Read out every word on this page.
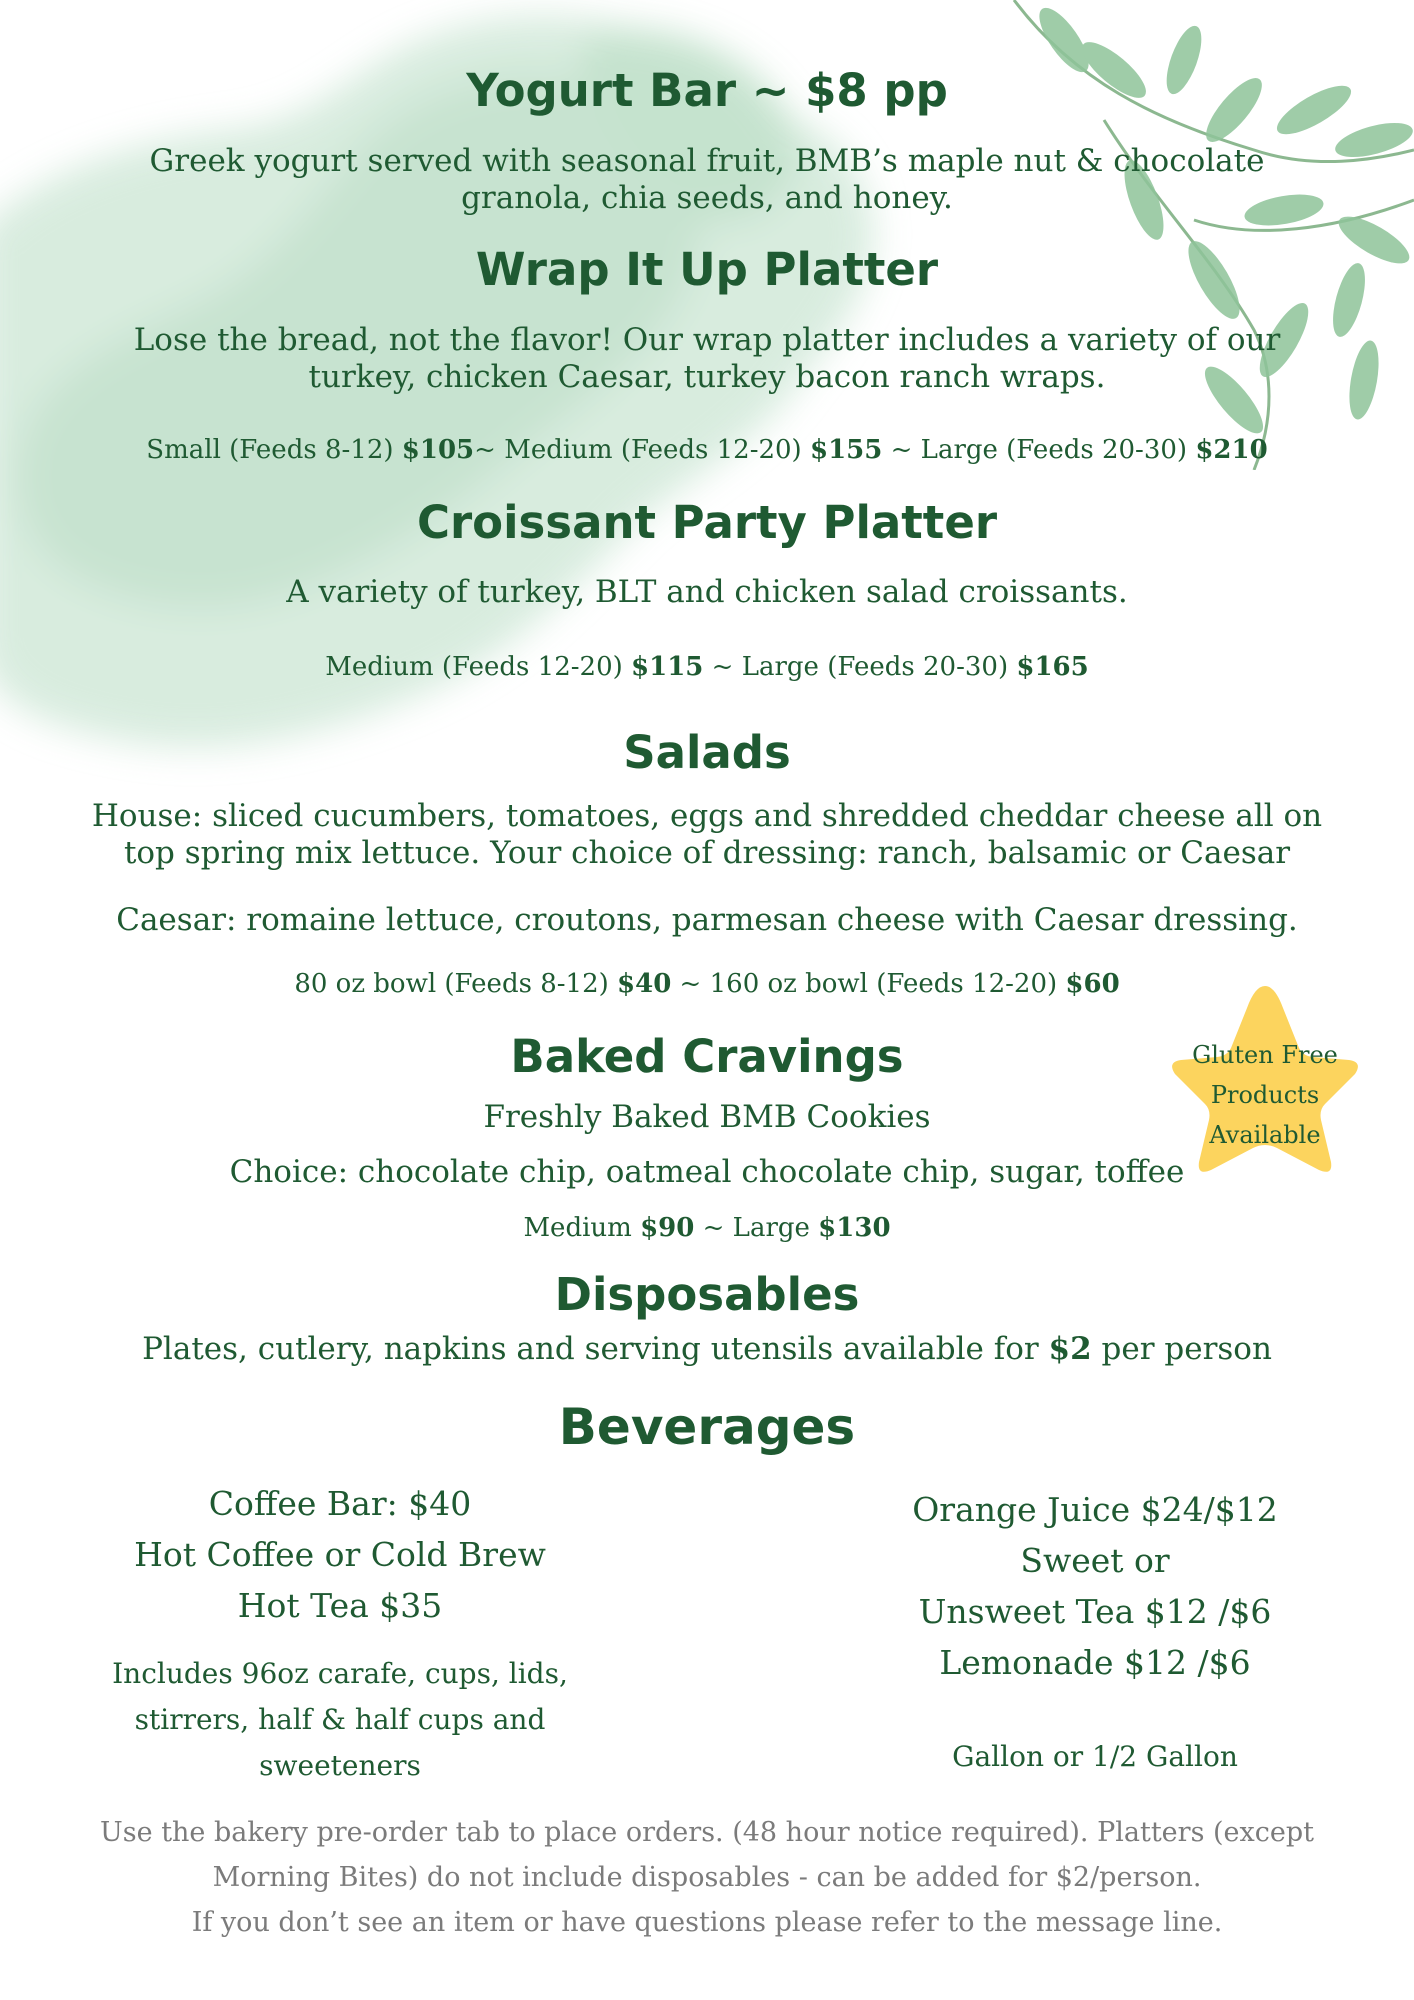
Yogurt Bar ~ $8 pp

Greek yogurt served with seasonal fruit, BMB’s maple nut & chocolate

granola, chia seeds, and honey.

Wrap It Up Platter

Lose the bread, not the flavor! Our wrap platter includes a variety of our

turkey, chicken Caesar, turkey bacon ranch wraps.

Small (Feeds 8-12) $105~ Medium (Feeds 12-20) $155 ~ Large (Feeds 20-30) $210

Croissant Party Platter

A variety of turkey, BLT and chicken salad croissants.

Medium (Feeds 12-20) $115 ~ Large (Feeds 20-30) $165

Salads

House: sliced cucumbers, tomatoes, eggs and shredded cheddar cheese all on

top spring mix lettuce. Your choice of dressing: ranch, balsamic or Caesar

Caesar: romaine lettuce, croutons, parmesan cheese with Caesar dressing.

80 oz bowl (Feeds 8-12) $40 ~ 160 oz bowl (Feeds 12-20) $60

Baked Cravings

Freshly Baked BMB Cookies

Choice: chocolate chip, oatmeal chocolate chip, sugar, toffee

Medium $90 ~ Large $130

Gluten Free
Products
Available
Disposables

Plates, cutlery, napkins and serving utensils available for $2 per person

Beverages

Coffee Bar: $40

Hot Coffee or Cold Brew

Hot Tea $35

Includes 96oz carafe, cups, lids,

stirrers, half & half cups and

sweeteners

Orange Juice $24/$12

Sweet or

Unsweet Tea $12 /$6

Lemonade $12 /$6

Gallon or 1/2 Gallon

Use the bakery pre-order tab to place orders. (48 hour notice required). Platters (except
Morning Bites) do not include disposables - can be added for $2/person.
If you don’t see an item or have questions please refer to the message line.
